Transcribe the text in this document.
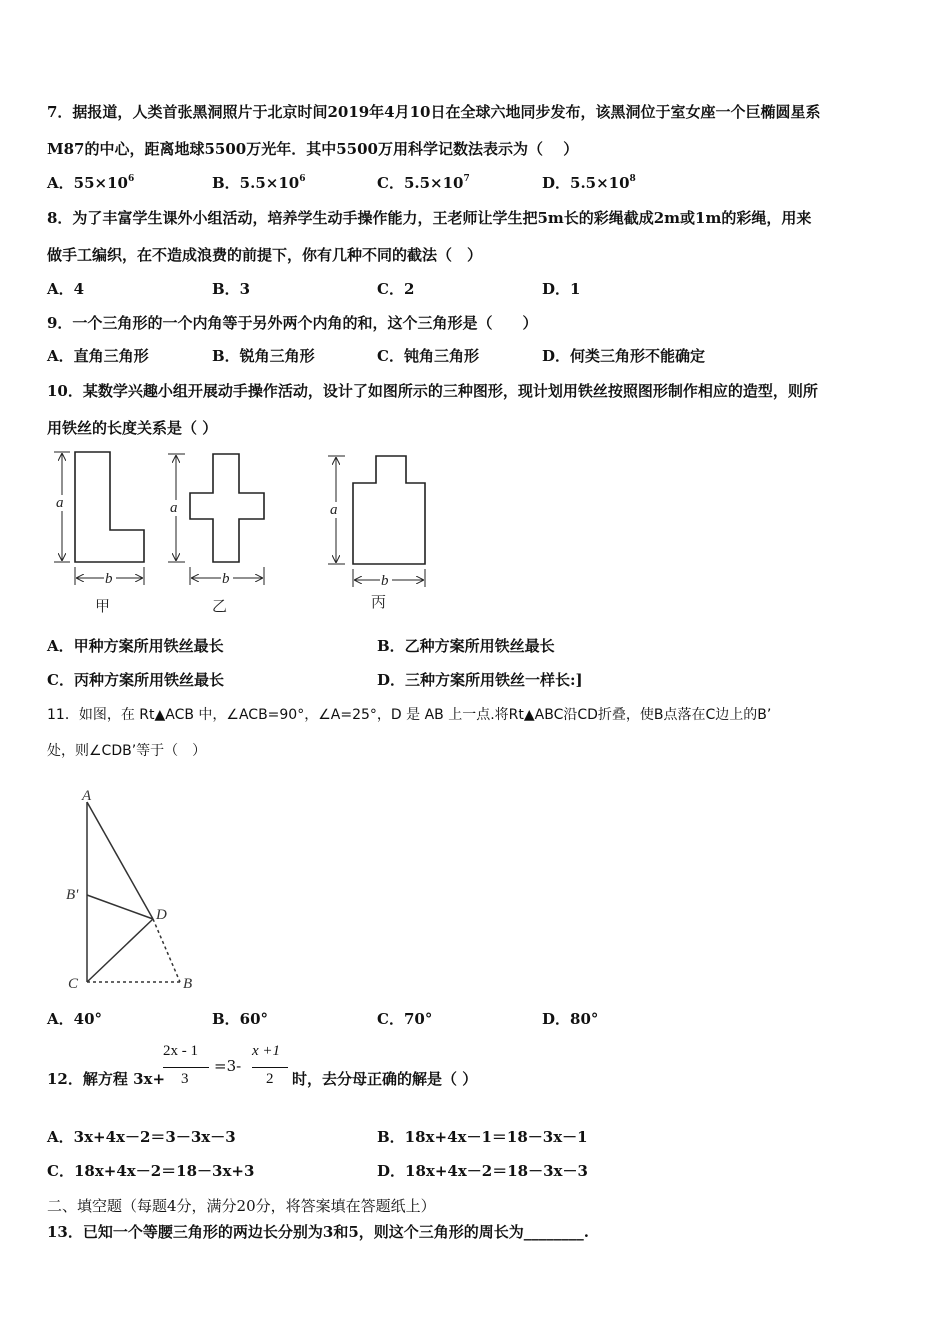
7．据报道，人类首张黑洞照片于北京时间2019年4月10日在全球六地同步发布，该黑洞位于室女座一个巨椭圆星系
M87的中心，距离地球5500万光年．其中5500万用科学记数法表示为（　 ）
A．$55\times 10^6$	B．$5.5\times 10^6$	C．$5.5\times 10^7$	D．$5.5\times 10^8$
8．为了丰富学生课外小组活动，培养学生动手操作能力，王老师让学生把5m长的彩绳截成2m或1m的彩绳，用来
做手工编织，在不造成浪费的前提下，你有几种不同的截法（　）
A．4	B．3	C．2	D．1
9．一个三角形的一个内角等于另外两个内角的和，这个三角形是（　　）
A．直角三角形	B．锐角三角形	C．钝角三角形	D．何类三角形不能确定
10．某数学兴趣小组开展动手操作活动，设计了如图所示的三种图形，现计划用铁丝按照图形制作相应的造型，则所
用铁丝的长度关系是（ ）
a
b
a
b
a
b
甲	乙	丙
A．甲种方案所用铁丝最长	B．乙种方案所用铁丝最长
C．丙种方案所用铁丝最长	D．三种方案所用铁丝一样长:]
11．如图，在 Rt▲ACB 中，∠ACB=90°，∠A=25°，D 是 AB 上一点.将Rt▲ABC沿CD折叠，使B点落在C边上的B’
处，则∠CDB’等于（　）
A
B'
D
C	B
A．40°	B．60°	C．70°	D．80°
12．解方程 3x+
2x - 1
3
=3-
x +1
2 时，去分母正确的解是（ ）
A．3x+4x－2＝3－3x－3	B．18x+4x－1＝18－3x－1
C．18x+4x－2＝18－3x+3	D．18x+4x－2＝18－3x－3
二、填空题（每题4分，满分20分，将答案填在答题纸上）
13．已知一个等腰三角形的两边长分别为3和5，则这个三角形的周长为________.
